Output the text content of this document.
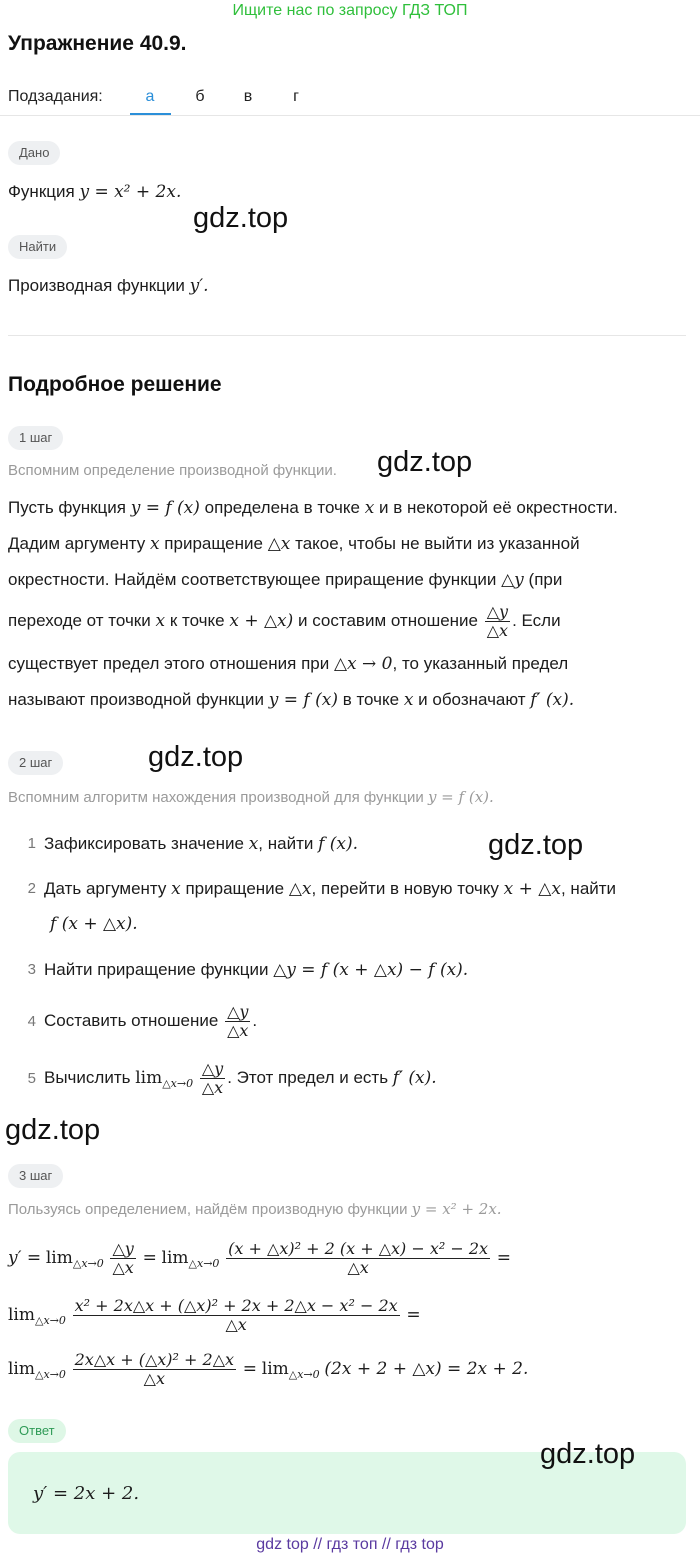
Ищите нас по запросу ГДЗ ТОП
Упражнение 40.9.
Подзадания:	а	б	в	г
Дано
Функция y = x² + 2x.
gdz.top
Найти
Производная функции y′.
Подробное решение
1 шаг
Вспомним определение производной функции. gdz.top
Пусть функция y = f (x) определена в точке x и в некоторой её окрестности.
Дадим аргументу x приращение △x такое, чтобы не выйти из указанной
окрестности. Найдём соответствующее приращение функции △y (при
переходе от точки x к точке x + △x) и составим отношение $\frac{\triangle y}{\triangle x}$ . Если
существует предел этого отношения при △x → 0, то указанный предел
называют производной функции y = f (x) в точке x и обозначают f′ (x).
2 шаг	gdz.top
Вспомним алгоритм нахождения производной для функции y = f (x).
1 Зафиксировать значение x, найти f (x).	gdz.top
2 Дать аргументу x приращение △x, перейти в новую точку x + △x, найти
f (x + △x).
3 Найти приращение функции △y = f (x + △x) − f (x).
4 Составить отношение $\frac{\triangle y}{\triangle x}$ .
5 Вычислить $\lim_{\triangle x\to 0} \frac{\triangle y}{\triangle x}$ . Этот предел и есть f′ (x).
gdz.top
3 шаг
Пользуясь определением, найдём производную функции y = x² + 2x.
$y' = \lim_{\triangle x\to 0} \frac{\triangle y}{\triangle x} = \lim_{\triangle x\to 0} \frac{\text{(x + △x)² + 2 (x + △x) − x² − 2x}}{\triangle x}$ =
$\lim_{\triangle x\to 0} \frac{\text{x² + 2x△x + (△x)² + 2x + 2△x − x² − 2x}}{\triangle x}$ =
$\lim_{\triangle x\to 0} \frac{\text{2x△x + (△x)² + 2△x}}{\triangle x} = \lim_{\triangle x\to 0} (2x + 2$ + △x) = 2x + 2.
Ответ
gdz.top
y′ = 2x + 2.
gdz top // гдз топ // гдз top
